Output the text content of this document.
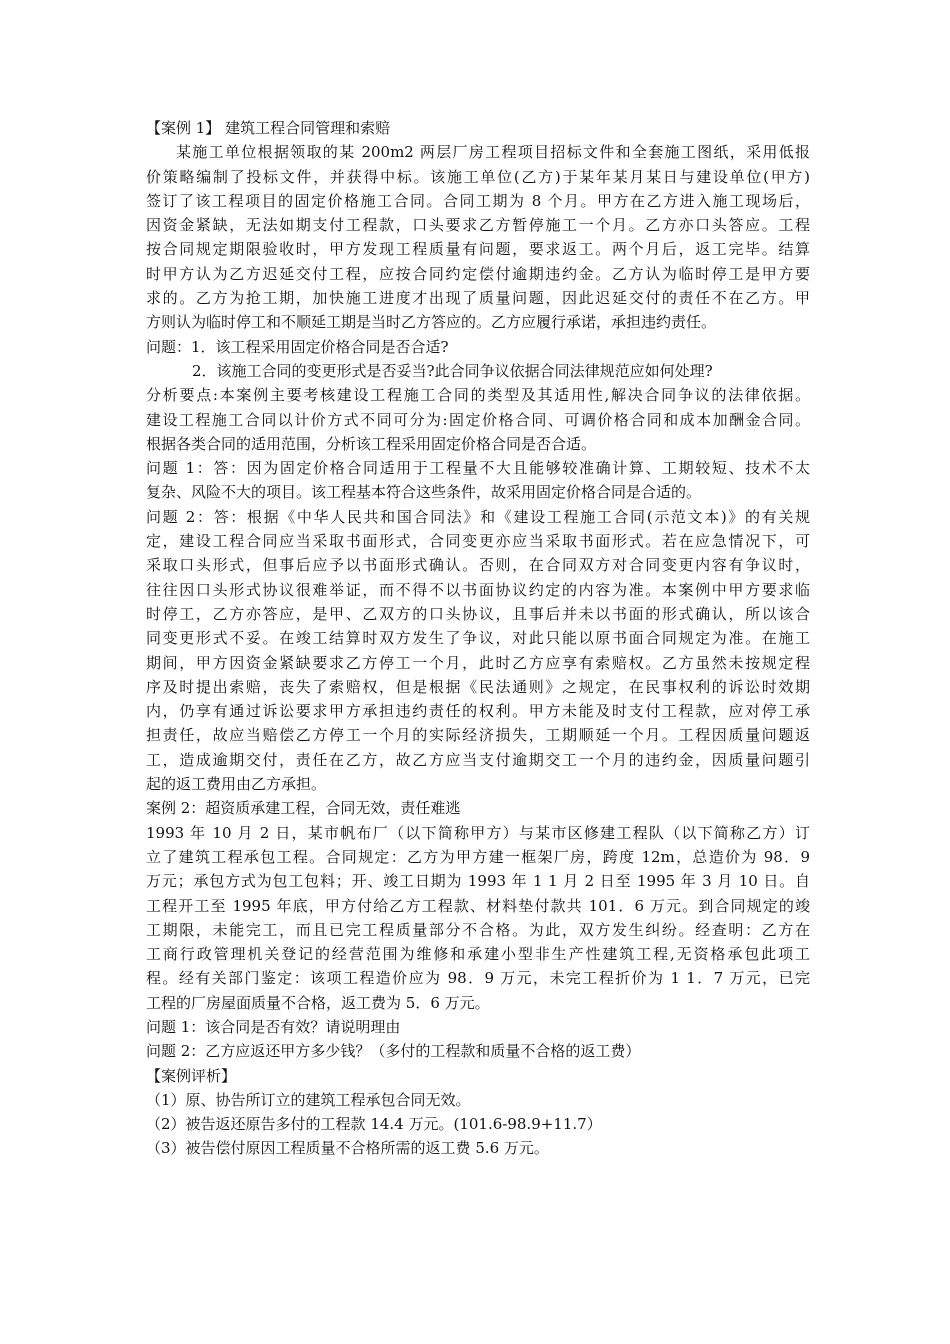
【案例 1】 建筑工程合同管理和索赔
某施工单位根据领取的某 200m2 两层厂房工程项目招标文件和全套施工图纸，采用低报
价策略编制了投标文件，并获得中标。该施工单位(乙方)于某年某月某日与建设单位(甲方)
签订了该工程项目的固定价格施工合同。合同工期为 8 个月。甲方在乙方进入施工现场后，
因资金紧缺，无法如期支付工程款，口头要求乙方暂停施工一个月。乙方亦口头答应。工程
按合同规定期限验收时，甲方发现工程质量有问题，要求返工。两个月后，返工完毕。结算
时甲方认为乙方迟延交付工程，应按合同约定偿付逾期违约金。乙方认为临时停工是甲方要
求的。乙方为抢工期，加快施工进度才出现了质量问题，因此迟延交付的责任不在乙方。甲
方则认为临时停工和不顺延工期是当时乙方答应的。乙方应履行承诺，承担违约责任。
问题：1．该工程采用固定价格合同是否合适?
2．该施工合同的变更形式是否妥当?此合同争议依据合同法律规范应如何处理?
分析要点:本案例主要考核建设工程施工合同的类型及其适用性,解决合同争议的法律依据。
建设工程施工合同以计价方式不同可分为:固定价格合同、可调价格合同和成本加酬金合同。
根据各类合同的适用范围，分析该工程采用固定价格合同是否合适。
问题 1：答：因为固定价格合同适用于工程量不大且能够较准确计算、工期较短、技术不太
复杂、风险不大的项目。该工程基本符合这些条件，故采用固定价格合同是合适的。
问题 2：答：根据《中华人民共和国合同法》和《建设工程施工合同(示范文本)》的有关规
定，建设工程合同应当采取书面形式，合同变更亦应当采取书面形式。若在应急情况下，可
采取口头形式，但事后应予以书面形式确认。否则，在合同双方对合同变更内容有争议时，
往往因口头形式协议很难举证，而不得不以书面协议约定的内容为准。本案例中甲方要求临
时停工，乙方亦答应，是甲、乙双方的口头协议，且事后并未以书面的形式确认，所以该合
同变更形式不妥。在竣工结算时双方发生了争议，对此只能以原书面合同规定为准。在施工
期间，甲方因资金紧缺要求乙方停工一个月，此时乙方应享有索赔权。乙方虽然未按规定程
序及时提出索赔，丧失了索赔权，但是根据《民法通则》之规定，在民事权利的诉讼时效期
内，仍享有通过诉讼要求甲方承担违约责任的权利。甲方未能及时支付工程款，应对停工承
担责任，故应当赔偿乙方停工一个月的实际经济损失，工期顺延一个月。工程因质量问题返
工，造成逾期交付，责任在乙方，故乙方应当支付逾期交工一个月的违约金，因质量问题引
起的返工费用由乙方承担。
案例 2：超资质承建工程，合同无效，责任难逃
1993 年 10 月 2 日，某市帆布厂（以下简称甲方）与某市区修建工程队（以下简称乙方）订
立了建筑工程承包工程。合同规定：乙方为甲方建一框架厂房，跨度 12m，总造价为 98．9
万元；承包方式为包工包料；开、竣工日期为 1993 年 1 1 月 2 日至 1995 年 3 月 10 日。自
工程开工至 1995 年底，甲方付给乙方工程款、材料垫付款共 101．6 万元。到合同规定的竣
工期限，未能完工，而且已完工程质量部分不合格。为此，双方发生纠纷。经查明：乙方在
工商行政管理机关登记的经营范围为维修和承建小型非生产性建筑工程,无资格承包此项工
程。经有关部门鉴定：该项工程造价应为 98．9 万元，未完工程折价为 1 1．7 万元，已完
工程的厂房屋面质量不合格，返工费为 5．6 万元。
问题 1：该合同是否有效？请说明理由
问题 2：乙方应返还甲方多少钱？（多付的工程款和质量不合格的返工费）
【案例评析】
（1）原、协告所订立的建筑工程承包合同无效。
（2）被告返还原告多付的工程款 14.4 万元。(101.6-98.9+11.7）
（3）被告偿付原因工程质量不合格所需的返工费 5.6 万元。
